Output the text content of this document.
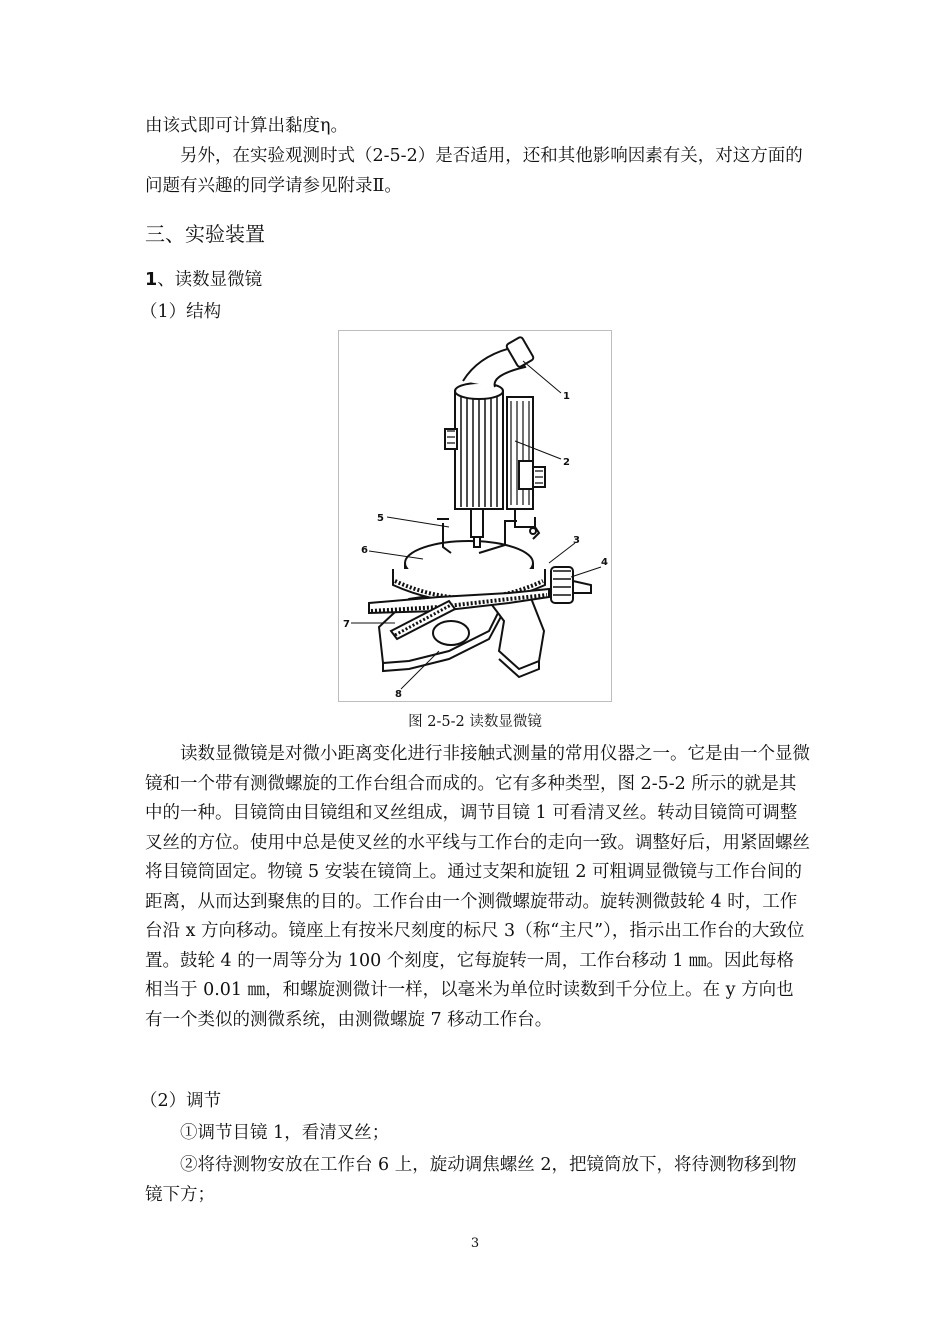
由该式即可计算出黏度η。
另外，在实验观测时式（2-5-2）是否适用，还和其他影响因素有关，对这方面的问题有兴趣的同学请参见附录Ⅱ。
三、实验装置
1、读数显微镜
（1）结构
1
2
3
4
5
6
7
8
图 2-5-2 读数显微镜
读数显微镜是对微小距离变化进行非接触式测量的常用仪器之一。它是由一个显微镜和一个带有测微螺旋的工作台组合而成的。它有多种类型，图 2-5-2 所示的就是其中的一种。目镜筒由目镜组和叉丝组成，调节目镜 1 可看清叉丝。转动目镜筒可调整叉丝的方位。使用中总是使叉丝的水平线与工作台的走向一致。调整好后，用紧固螺丝将目镜筒固定。物镜 5 安装在镜筒上。通过支架和旋钮 2 可粗调显微镜与工作台间的距离，从而达到聚焦的目的。工作台由一个测微螺旋带动。旋转测微鼓轮 4 时，工作台沿 x 方向移动。镜座上有按米尺刻度的标尺 3（称“主尺”），指示出工作台的大致位置。鼓轮 4 的一周等分为 100 个刻度，它每旋转一周，工作台移动 1 ㎜。因此每格相当于 0.01 ㎜，和螺旋测微计一样，以毫米为单位时读数到千分位上。在 y 方向也有一个类似的测微系统，由测微螺旋 7 移动工作台。
（2）调节
①调节目镜 1，看清叉丝；
②将待测物安放在工作台 6 上，旋动调焦螺丝 2，把镜筒放下，将待测物移到物镜下方；
3
